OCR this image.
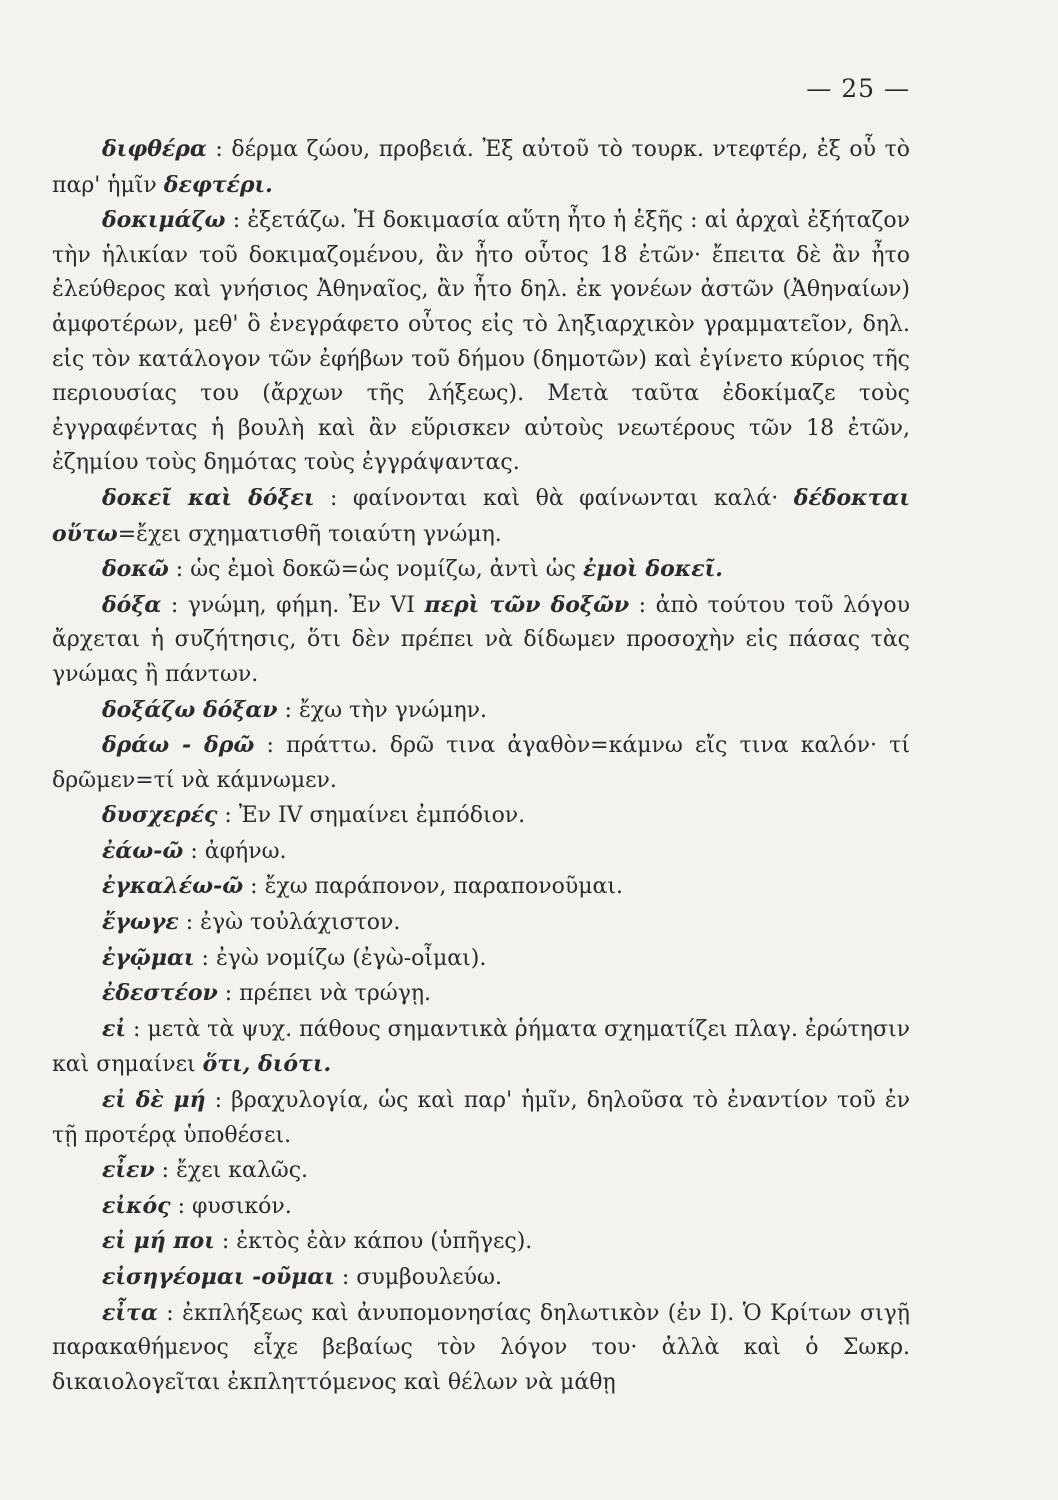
— 25 —

διφθέρα : δέρμα ζώου, προβειά. Ἐξ αὐτοῦ τὸ τουρκ. ντεφτέρ, ἐξ οὗ τὸ παρ' ἡμῖν δεφτέρι.

δοκιμάζω : ἐξετάζω. Ἡ δοκιμασία αὕτη ἦτο ἡ ἑξῆς : αἱ ἀρχαὶ ἐξήταζον τὴν ἡλικίαν τοῦ δοκιμαζομένου, ἂν ἦτο οὗτος 18 ἐτῶν· ἔπειτα δὲ ἂν ἦτο ἐλεύθερος καὶ γνήσιος Ἀθηναῖος, ἂν ἦτο δηλ. ἐκ γονέων ἀστῶν (Ἀθηναίων) ἀμφοτέρων, μεθ' ὃ ἐνεγράφετο οὗτος εἰς τὸ ληξιαρχικὸν γραμματεῖον, δηλ. εἰς τὸν κατάλογον τῶν ἐφήβων τοῦ δήμου (δημοτῶν) καὶ ἐγίνετο κύριος τῆς περιουσίας του (ἄρχων τῆς λήξεως). Μετὰ ταῦτα ἐδοκίμαζε τοὺς ἐγγραφέντας ἡ βουλὴ καὶ ἂν εὕρισκεν αὐτοὺς νεωτέρους τῶν 18 ἐτῶν, ἐζημίου τοὺς δημότας τοὺς ἐγγράψαντας.

δοκεῖ καὶ δόξει : φαίνονται καὶ θὰ φαίνωνται καλά· δέδοκται οὕτω=ἔχει σχηματισθῆ τοιαύτη γνώμη.

δοκῶ : ὡς ἐμοὶ δοκῶ=ὡς νομίζω, ἀντὶ ὡς ἐμοὶ δοκεῖ.

δόξα : γνώμη, φήμη. Ἐν VI περὶ τῶν δοξῶν : ἀπὸ τούτου τοῦ λόγου ἄρχεται ἡ συζήτησις, ὅτι δὲν πρέπει νὰ δίδωμεν προσοχὴν εἰς πάσας τὰς γνώμας ἢ πάντων.

δοξάζω δόξαν : ἔχω τὴν γνώμην.

δράω - δρῶ : πράττω. δρῶ τινα ἀγαθὸν=κάμνω εἴς τινα καλόν· τί δρῶμεν=τί νὰ κάμνωμεν.

δυσχερές : Ἐν IV σημαίνει ἐμπόδιον.

ἐάω-ῶ : ἀφήνω.

ἐγκαλέω-ῶ : ἔχω παράπονον, παραπονοῦμαι.

ἔγωγε : ἐγὼ τοὐλάχιστον.

ἐγῷμαι : ἐγὼ νομίζω (ἐγὼ-οἶμαι).

ἐδεστέον : πρέπει νὰ τρώγῃ.

εἰ : μετὰ τὰ ψυχ. πάθους σημαντικὰ ῥήματα σχηματίζει πλαγ. ἐρώτησιν καὶ σημαίνει ὅτι, διότι.

εἰ δὲ μή : βραχυλογία, ὡς καὶ παρ' ἡμῖν, δηλοῦσα τὸ ἐναντίον τοῦ ἐν τῇ προτέρᾳ ὑποθέσει.

εἶεν : ἔχει καλῶς.

εἰκός : φυσικόν.

εἰ μή ποι : ἐκτὸς ἐὰν κάπου (ὑπῆγες).

εἰσηγέομαι -οῦμαι : συμβουλεύω.

εἶτα : ἐκπλήξεως καὶ ἀνυπομονησίας δηλωτικὸν (ἐν I). Ὁ Κρίτων σιγῇ παρακαθήμενος εἶχε βεβαίως τὸν λόγον του· ἀλλὰ καὶ ὁ Σωκρ. δικαιολογεῖται ἐκπληττόμενος καὶ θέλων νὰ μάθῃ
